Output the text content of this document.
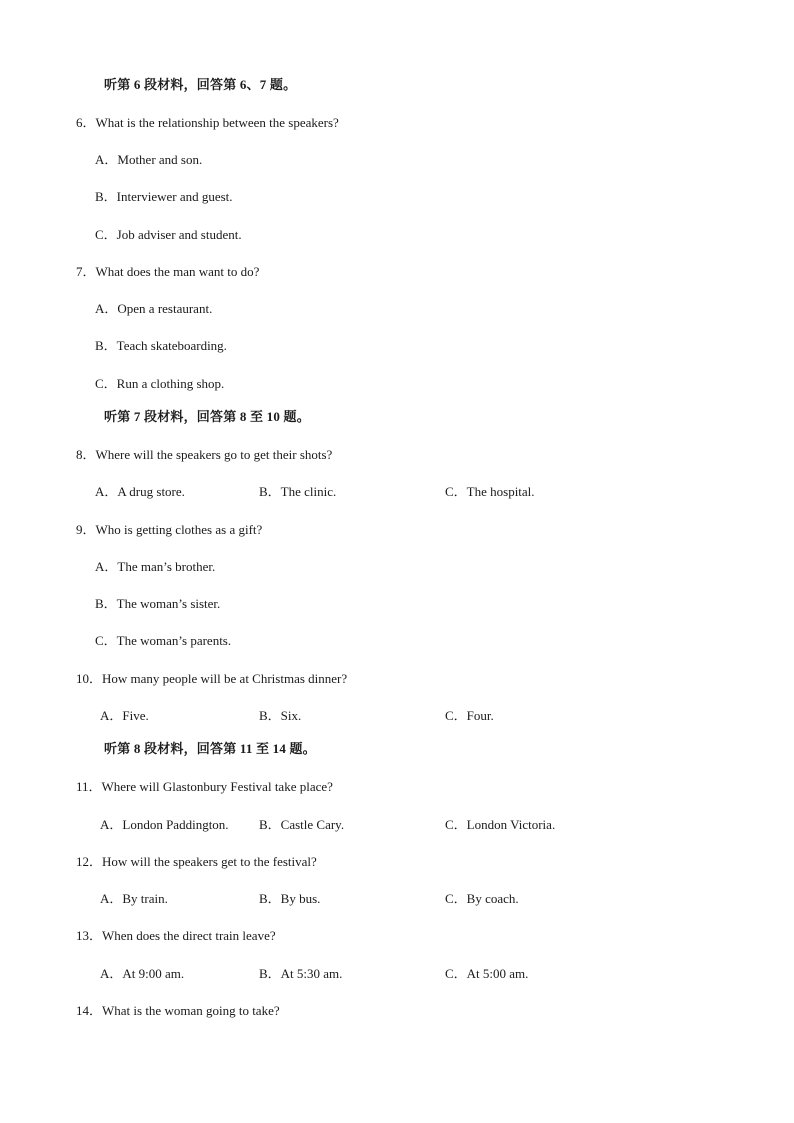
听第 6 段材料，回答第 6、7 题。
6．What is the relationship between the speakers?
A．Mother and son.
B．Interviewer and guest.
C．Job adviser and student.
7．What does the man want to do?
A．Open a restaurant.
B．Teach skateboarding.
C．Run a clothing shop.
听第 7 段材料，回答第 8 至 10 题。
8．Where will the speakers go to get their shots?
A．A drug store.	B．The clinic.	C．The hospital.
9．Who is getting clothes as a gift?
A．The man’s brother.
B．The woman’s sister.
C．The woman’s parents.
10．How many people will be at Christmas dinner?
A．Five.	B．Six.	C．Four.
听第 8 段材料，回答第 11 至 14 题。
11．Where will Glastonbury Festival take place?
A．London Paddington. B．Castle Cary.	C．London Victoria.
12．How will the speakers get to the festival?
A．By train.	B．By bus.	C．By coach.
13．When does the direct train leave?
A．At 9:00 am.	B．At 5:30 am.	C．At 5:00 am.
14．What is the woman going to take?
